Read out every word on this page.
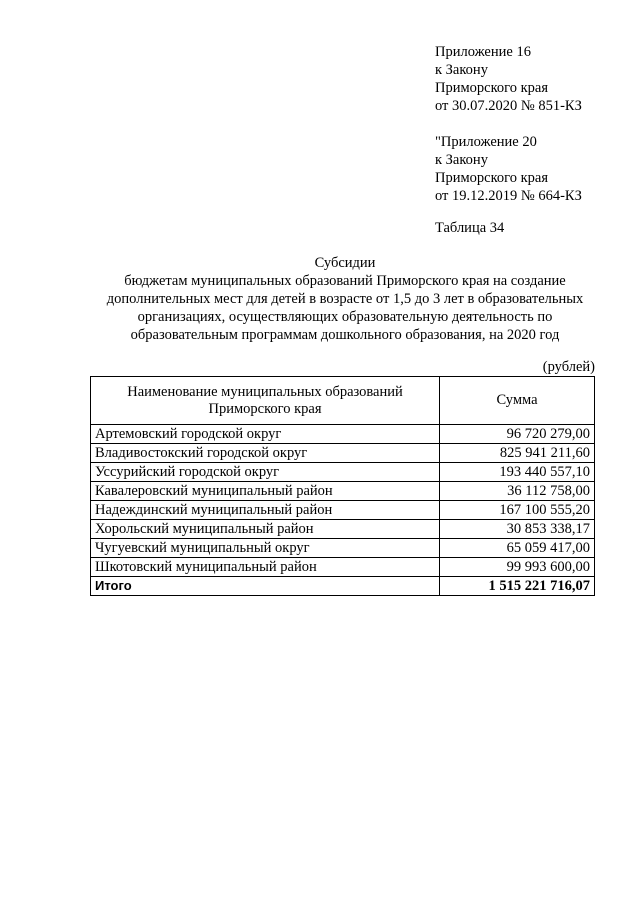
Приложение 16
к Закону
Приморского края
от 30.07.2020 № 851-КЗ
"Приложение 20
к Закону
Приморского края
от 19.12.2019 № 664-КЗ
Таблица 34
Субсидии
бюджетам муниципальных образований Приморского края на создание
дополнительных мест для детей в возрасте от 1,5 до 3 лет в образовательных
организациях, осуществляющих образовательную деятельность по
образовательным программам дошкольного образования, на 2020 год
(рублей)
Наименование муниципальных образований
Приморского края	Сумма
Артемовский городской округ	96 720 279,00
Владивостокский городской округ	825 941 211,60
Уссурийский городской округ	193 440 557,10
Кавалеровский муниципальный район	36 112 758,00
Надеждинский муниципальный район	167 100 555,20
Хорольский муниципальный район	30 853 338,17
Чугуевский муниципальный округ	65 059 417,00
Шкотовский муниципальный район	99 993 600,00
Итого	1 515 221 716,07
